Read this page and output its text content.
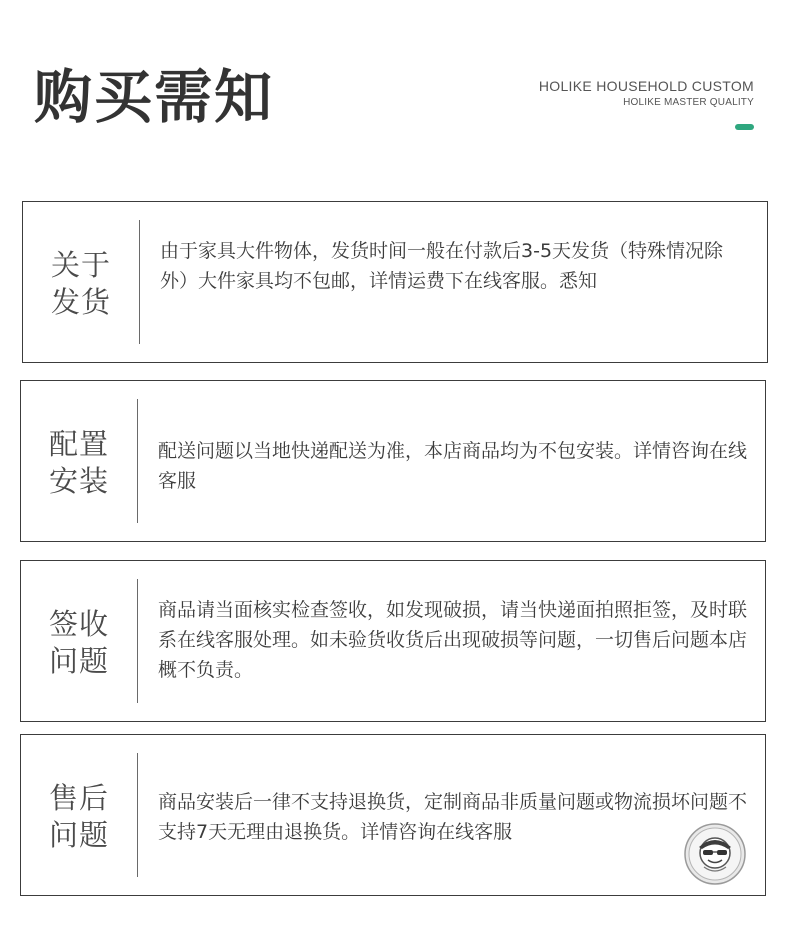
购买需知	HOLIKE HOUSEHOLD CUSTOM
HOLIKE MASTER QUALITY
关于
发货
由于家具大件物体，发货时间一般在付款后3-5天发货（特殊情况除外）大件家具均不包邮，详情运费下在线客服。悉知
配置
安装
配送问题以当地快递配送为准，本店商品均为不包安装。详情咨询在线客服
签收
问题
商品请当面核实检查签收，如发现破损，请当快递面拍照拒签，及时联系在线客服处理。如未验货收货后出现破损等问题，一切售后问题本店概不负责。
售后
问题
商品安装后一律不支持退换货，定制商品非质量问题或物流损坏问题不支持7天无理由退换货。详情咨询在线客服
